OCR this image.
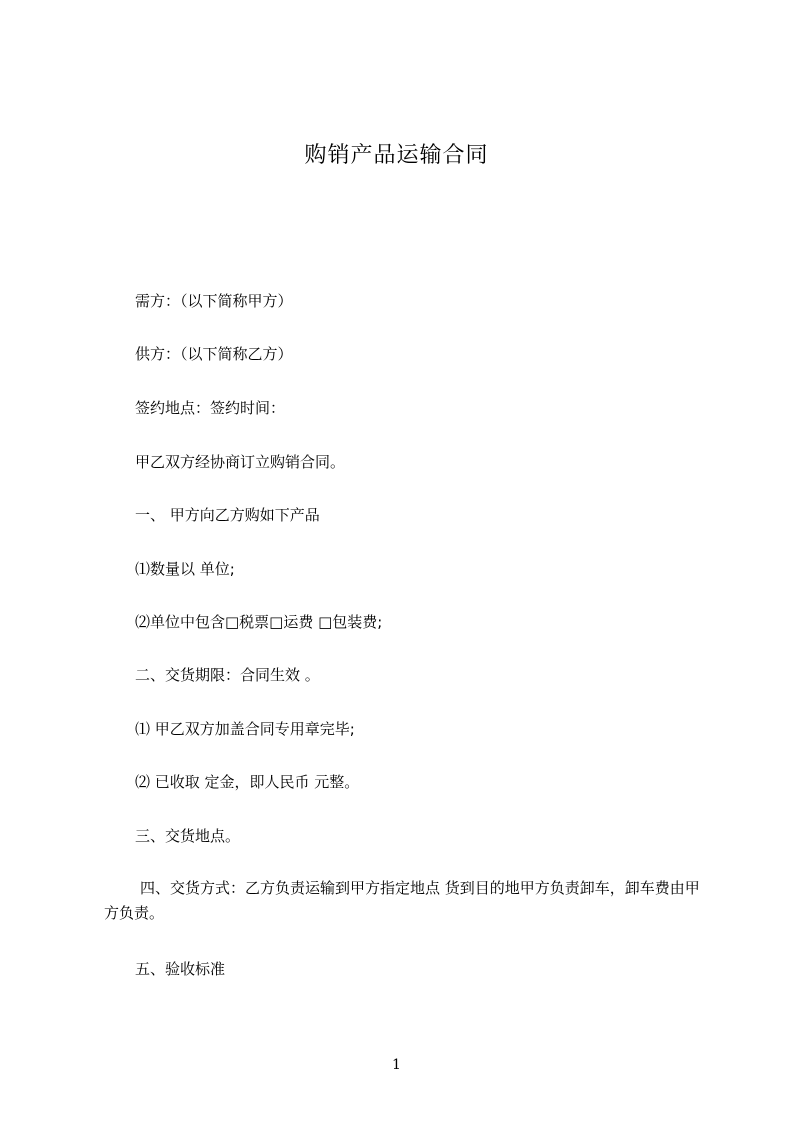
购销产品运输合同
需方：（以下简称甲方）
供方：（以下简称乙方）
签约地点：签约时间：
甲乙双方经协商订立购销合同。
一、 甲方向乙方购如下产品
⑴数量以 单位;
⑵单位中包含□税票□运费 □包装费;
二、交货期限：合同生效 。
⑴ 甲乙双方加盖合同专用章完毕;
⑵ 已收取 定金，即人民币 元整。
三、交货地点。
四、交货方式：乙方负责运输到甲方指定地点 货到目的地甲方负责卸车，卸车费由甲方负责。
五、验收标准
1
